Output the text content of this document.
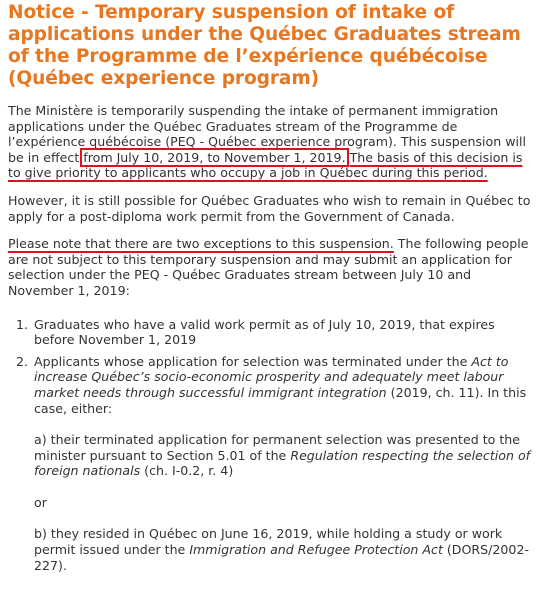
Notice - Temporary suspension of intake of applications under the Québec Graduates stream of the Programme de l’expérience québécoise (Québec experience program)

The Ministère is temporarily suspending the intake of permanent immigration applications under the Québec Graduates stream of the Programme de l’expérience québécoise (PEQ - Québec experience program). This suspension will be in effect from July 10, 2019, to November 1, 2019. The basis of this decision is to give priority to applicants who occupy a job in Québec during this period.

However, it is still possible for Québec Graduates who wish to remain in Québec to apply for a post-diploma work permit from the Government of Canada.

Please note that there are two exceptions to this suspension. The following people are not subject to this temporary suspension and may submit an application for selection under the PEQ - Québec Graduates stream between July 10 and November 1, 2019:

1. Graduates who have a valid work permit as of July 10, 2019, that expires before November 1, 2019
2. Applicants whose application for selection was terminated under the Act to increase Québec’s socio-economic prosperity and adequately meet labour market needs through successful immigrant integration (2019, ch. 11). In this case, either:
a) their terminated application for permanent selection was presented to the minister pursuant to Section 5.01 of the Regulation respecting the selection of foreign nationals (ch. I-0.2, r. 4)
or
b) they resided in Québec on June 16, 2019, while holding a study or work permit issued under the Immigration and Refugee Protection Act (DORS/2002-227).
